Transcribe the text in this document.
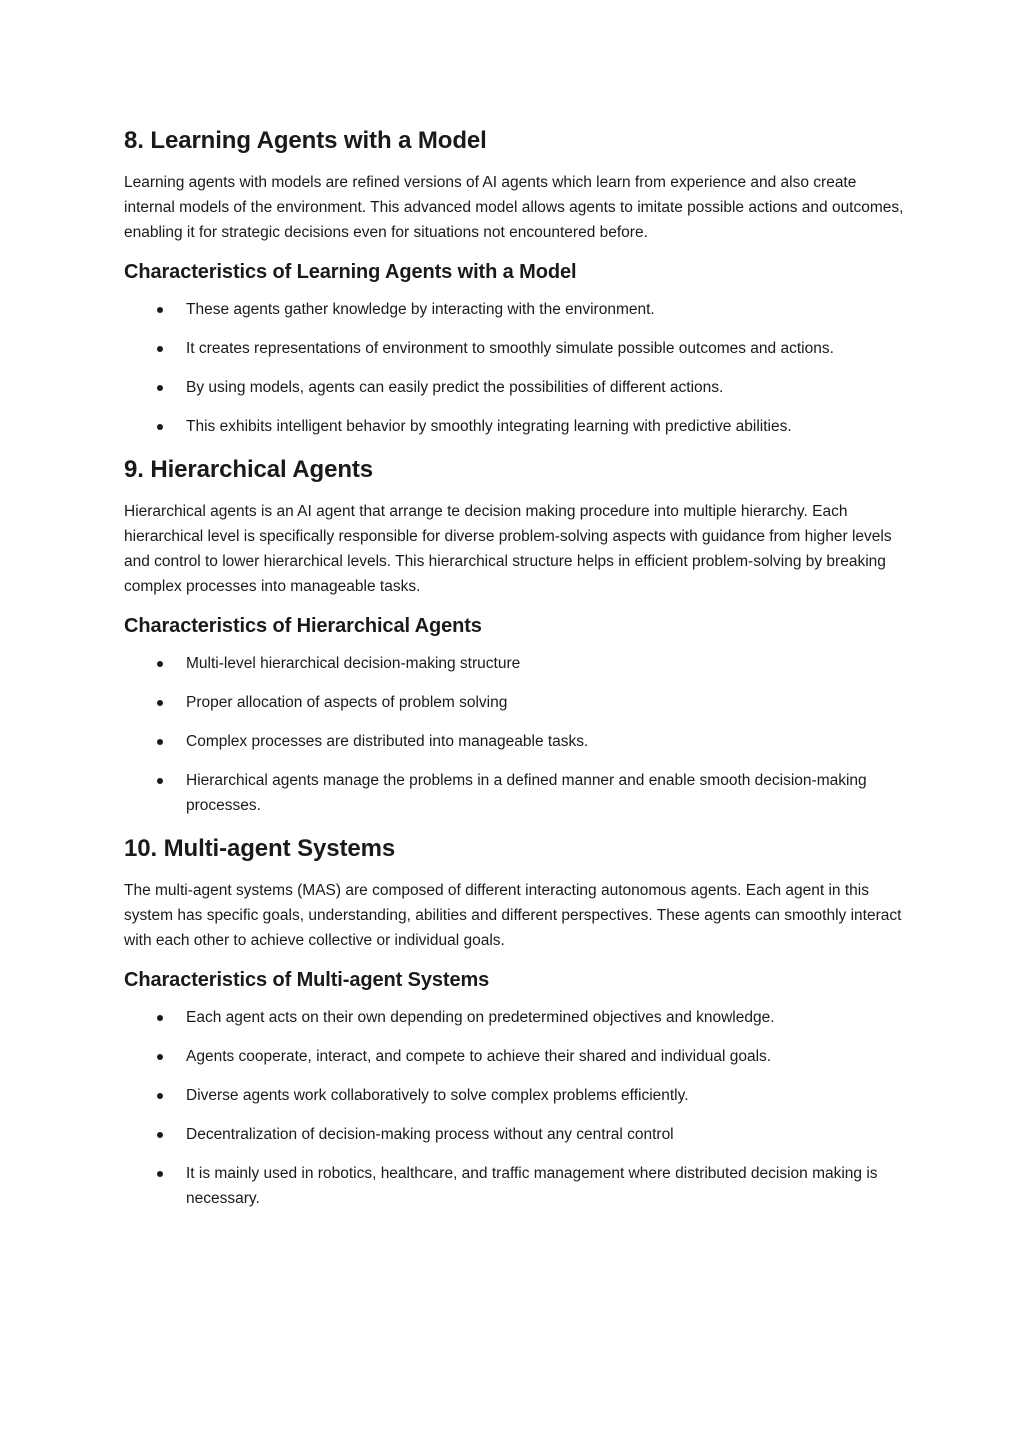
8. Learning Agents with a Model

Learning agents with models are refined versions of AI agents which learn from experience and also create internal models of the environment. This advanced model allows agents to imitate possible actions and outcomes, enabling it for strategic decisions even for situations not encountered before.

Characteristics of Learning Agents with a Model
These agents gather knowledge by interacting with the environment.
It creates representations of environment to smoothly simulate possible outcomes and actions.
By using models, agents can easily predict the possibilities of different actions.
This exhibits intelligent behavior by smoothly integrating learning with predictive abilities.
9. Hierarchical Agents

Hierarchical agents is an AI agent that arrange te decision making procedure into multiple hierarchy. Each hierarchical level is specifically responsible for diverse problem-solving aspects with guidance from higher levels and control to lower hierarchical levels. This hierarchical structure helps in efficient problem-solving by breaking complex processes into manageable tasks.

Characteristics of Hierarchical Agents
Multi-level hierarchical decision-making structure
Proper allocation of aspects of problem solving
Complex processes are distributed into manageable tasks.
Hierarchical agents manage the problems in a defined manner and enable smooth decision-making processes.
10. Multi-agent Systems

The multi-agent systems (MAS) are composed of different interacting autonomous agents. Each agent in this system has specific goals, understanding, abilities and different perspectives. These agents can smoothly interact with each other to achieve collective or individual goals.

Characteristics of Multi-agent Systems
Each agent acts on their own depending on predetermined objectives and knowledge.
Agents cooperate, interact, and compete to achieve their shared and individual goals.
Diverse agents work collaboratively to solve complex problems efficiently.
Decentralization of decision-making process without any central control
It is mainly used in robotics, healthcare, and traffic management where distributed decision making is necessary.
